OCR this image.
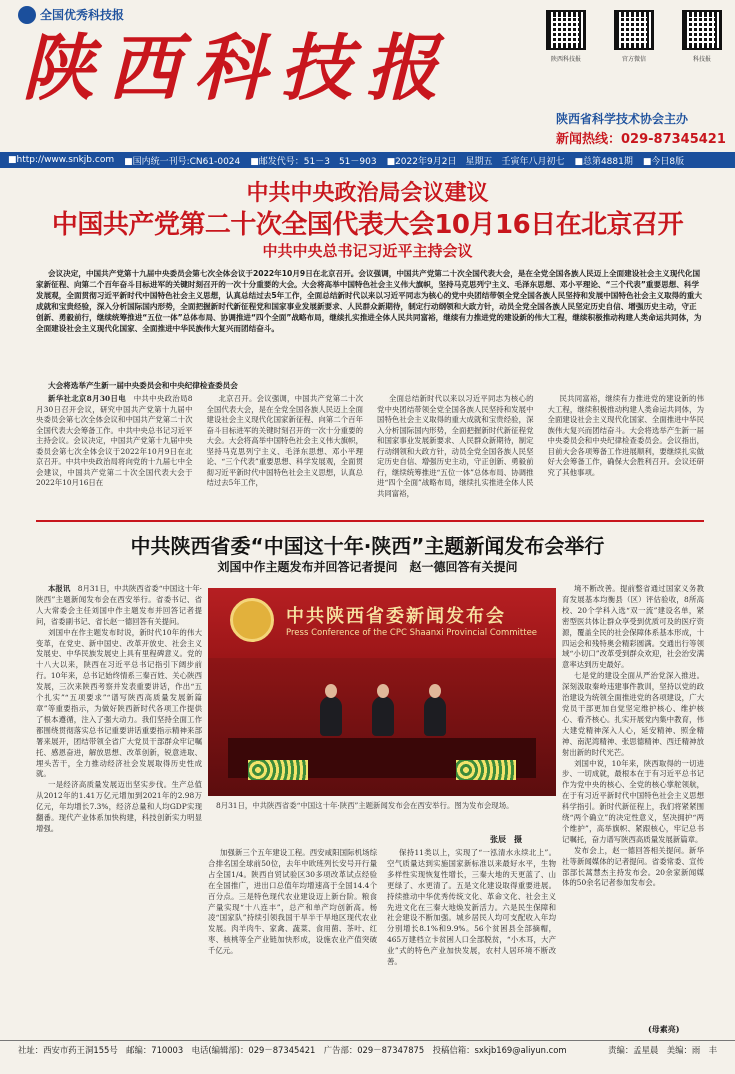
全国优秀科技报
陕西科技报	陕西科技报	官方微信	科技报
陕西省科学技术协会主办
新闻热线：029-87345421
■http://www.snkjb.com ■国内统一刊号:CN61-0024 ■邮发代号：51－3　51－903 ■2022年9月2日　星期五　壬寅年八月初七 ■总第4881期 ■今日8版
中共中央政治局会议建议
中国共产党第二十次全国代表大会10月16日在北京召开
中共中央总书记习近平主持会议
会议决定，中国共产党第十九届中央委员会第七次全体会议于2022年10月9日在北京召开。会议强调，中国共产党第二十次全国代表大会，是在全党全国各族人民迈上全面建设社会主义现代化国家新征程、向第二个百年奋斗目标进军的关键时刻召开的一次十分重要的大会。大会将高举中国特色社会主义伟大旗帜，坚持马克思列宁主义、毛泽东思想、邓小平理论、“三个代表”重要思想、科学发展观，全面贯彻习近平新时代中国特色社会主义思想，认真总结过去5年工作，全面总结新时代以来以习近平同志为核心的党中央团结带领全党全国各族人民坚持和发展中国特色社会主义取得的重大成就和宝贵经验，深入分析国际国内形势，全面把握新时代新征程党和国家事业发展新要求、人民群众新期待，制定行动纲领和大政方针，动员全党全国各族人民坚定历史自信、增强历史主动，守正创新、勇毅前行，继续统筹推进“五位一体”总体布局、协调推进“四个全面”战略布局，继续扎实推进全体人民共同富裕，继续有力推进党的建设新的伟大工程，继续积极推动构建人类命运共同体，为全面建设社会主义现代化国家、全面推进中华民族伟大复兴而团结奋斗。
大会将选举产生新一届中央委员会和中央纪律检查委员会

新华社北京8月30日电　 中共中央政治局8月30日召开会议，研究中国共产党第十九届中央委员会第七次全体会议和中国共产党第二十次全国代表大会筹备工作。中共中央总书记习近平主持会议。会议决定，中国共产党第十九届中央委员会第七次全体会议于2022年10月9日在北京召开。中共中央政治局将向党的十九届七中全会建议，中国共产党第二十次全国代表大会于2022年10月16日在

北京召开。会议强调，中国共产党第二十次全国代表大会，是在全党全国各族人民迈上全面建设社会主义现代化国家新征程、向第二个百年奋斗目标进军的关键时刻召开的一次十分重要的大会。大会将高举中国特色社会主义伟大旗帜，坚持马克思列宁主义、毛泽东思想、邓小平理论、“三个代表”重要思想、科学发展观，全面贯彻习近平新时代中国特色社会主义思想，认真总结过去5年工作，

全面总结新时代以来以习近平同志为核心的党中央团结带领全党全国各族人民坚持和发展中国特色社会主义取得的重大成就和宝贵经验，深入分析国际国内形势，全面把握新时代新征程党和国家事业发展新要求、人民群众新期待，制定行动纲领和大政方针，动员全党全国各族人民坚定历史自信、增强历史主动，守正创新、勇毅前行，继续统筹推进“五位一体”总体布局、协调推进“四个全面”战略布局，继续扎实推进全体人民共同富裕，

民共同富裕，继续有力推进党的建设新的伟大工程，继续积极推动构建人类命运共同体，为全面建设社会主义现代化国家、全面推进中华民族伟大复兴而团结奋斗。大会将选举产生新一届中央委员会和中央纪律检查委员会。会议指出，目前大会各项筹备工作进展顺利，要继续扎实做好大会筹备工作，确保大会胜利召开。会议还研究了其他事项。

中共陕西省委“中国这十年·陕西”主题新闻发布会举行
刘国中作主题发布并回答记者提问　赵一德回答有关提问

本报讯　 8月31日，中共陕西省委“中国这十年·陕西”主题新闻发布会在西安举行。省委书记、省人大常委会主任刘国中作主题发布并回答记者提问，省委副书记、省长赵一德回答有关提问。

刘国中在作主题发布时说，新时代10年的伟大变革，在党史、新中国史、改革开放史、社会主义发展史、中华民族发展史上具有里程碑意义。党的十八大以来，陕西在习近平总书记指引下阔步前行。10年来，总书记始终情系三秦百姓、关心陕西发展，三次来陕西考察并发表重要讲话，作出“五个扎实”“五项要求”“谱写陕西高质量发展新篇章”等重要指示，为做好陕西新时代各项工作提供了根本遵循，注入了强大动力。我们坚持全面工作都围绕贯彻落实总书记重要讲话重要指示精神来部署来展开，团结带领全省广大党员干部群众牢记嘱托、感恩奋进，解放思想、改革创新，锐意进取、埋头苦干，全力推动经济社会发展取得历史性成就。

一是经济高质量发展迈出坚实步伐。生产总值从2012年的1.41万亿元增加到2021年的2.98万亿元，年均增长7.3%，经济总量和人均GDP实现翻番。现代产业体系加快构建，科技创新实力明显增强。

中共陕西省委新闻发布会
Press Conference of the CPC Shaanxi Provincial Committee
8月31日，中共陕西省委“中国这十年·陕西”主题新闻发布会在西安举行。图为发布会现场。
张辰　摄

加强新三个五年建设工程。西安咸阳国际机场综合排名国全球前50位，去年中欧班列长安号开行量占全国1/4。陕西自贸试验区30多项改革试点经验在全国推广，进出口总值年均增速高于全国14.4个百分点。三是特色现代农业建设迈上新台阶。粮食产量实现“十八连丰”，总产和单产均创新高。杨凌“国家队”持续引领我国干旱半干旱地区现代农业发展。肉羊肉牛、家禽、蔬菜、食用菌、茶叶、红枣、核桃等全产业链加快形成，设施农业产值突破千亿元。

保持11类以上，实现了“一泓清水永续北上”。空气质量达到实施国家新标准以来最好水平，生物多样性实现恢复性增长，三秦大地的天更蓝了、山更绿了、水更清了。五是文化建设取得重要进展。持续推动中华优秀传统文化、革命文化、社会主义先进文化在三秦大地焕发新活力。六是民生保障和社会建设不断加强。城乡居民人均可支配收入年均分别增长8.1%和9.9%。56个贫困县全部摘帽，465万建档立卡贫困人口全部脱贫，“小木耳，大产业”式的特色产业加快发展，农村人居环境不断改善。

境不断改善。提前整省通过国家义务教育发展基本均衡县（区）评估验收，8所高校、20个学科入选“双一流”建设名单，紧密型医共体让群众享受到优质可及的医疗资源，覆盖全民的社会保障体系基本形成，十四运会和残特奥会精彩圆满。交通出行等领域“小切口”改革受到群众欢迎，社会治安满意率达到历史最好。

七是党的建设全面从严治党深入推进。深刻汲取秦岭违建事件教训，坚持以党的政治建设为统领全面推进党的各项建设，广大党员干部更加自觉坚定维护核心、维护核心、看齐核心。扎实开展党内集中教育，伟大建党精神深入人心，延安精神、照金精神、南泥湾精神、张思德精神、西迁精神放射出新的时代光芒。

刘国中说，10年来，陕西取得的一切进步、一切成就，最根本在于有习近平总书记作为党中央的核心、全党的核心掌舵领航，在于有习近平新时代中国特色社会主义思想科学指引。新时代新征程上，我们将紧紧围绕“两个确立”的决定性意义，坚决拥护“两个维护”，高举旗帜、紧跟核心，牢记总书记嘱托，奋力谱写陕西高质量发展新篇章。

发布会上，赵一德回答相关提问。新华社等新闻媒体的记者提问。省委常委、宣传部部长蒿慧杰主持发布会。20余家新闻媒体的50余名记者参加发布会。

(母素亮)
社址：西安市药王洞155号　邮编：710003　电话(编辑部)：029－87345421　广告部：029－87347875　投稿信箱：sxkjb169@aliyun.com	责编：孟星晨　美编：雨　丰
